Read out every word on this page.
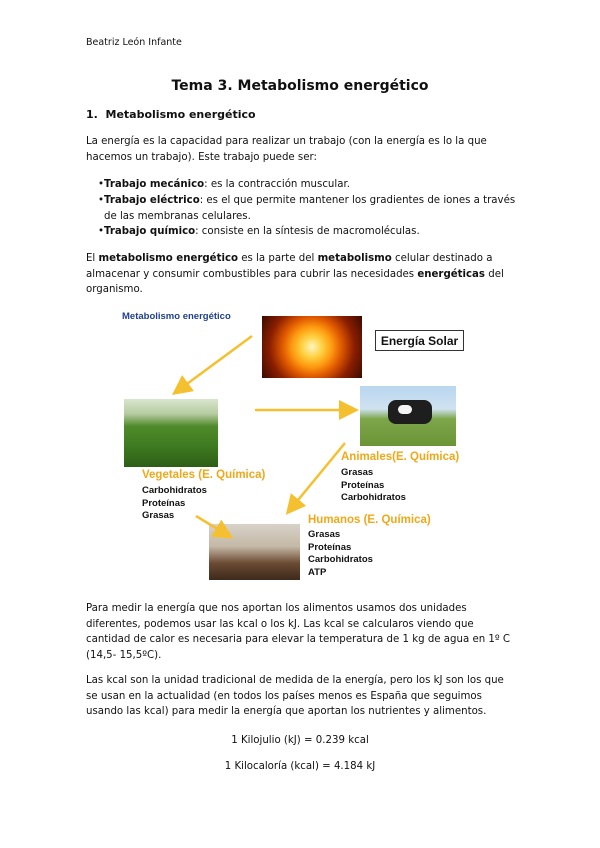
Beatriz León Infante
Tema 3. Metabolismo energético
1. Metabolismo energético
La energía es la capacidad para realizar un trabajo (con la energía es lo la que hacemos un trabajo). Este trabajo puede ser:
• Trabajo mecánico: es la contracción muscular.
• Trabajo eléctrico: es el que permite mantener los gradientes de iones a través de las membranas celulares.
• Trabajo químico: consiste en la síntesis de macromoléculas.
El metabolismo energético es la parte del metabolismo celular destinado a almacenar y consumir combustibles para cubrir las necesidades energéticas del organismo.
Metabolismo energético
Energía Solar
Vegetales (E. Química)
Carbohidratos
Proteínas
Grasas
Animales(E. Química)
Grasas
Proteínas
Carbohidratos
Humanos (E. Química)
Grasas
Proteínas
Carbohidratos
ATP
Para medir la energía que nos aportan los alimentos usamos dos unidades diferentes, podemos usar las kcal o los kJ. Las kcal se calcularos viendo que cantidad de calor es necesaria para elevar la temperatura de 1 kg de agua en 1º C (14,5- 15,5ºC).
Las kcal son la unidad tradicional de medida de la energía, pero los kJ son los que se usan en la actualidad (en todos los países menos es España que seguimos usando las kcal) para medir la energía que aportan los nutrientes y alimentos.
1 Kilojulio (kJ) = 0.239 kcal
1 Kilocaloría (kcal) = 4.184 kJ
